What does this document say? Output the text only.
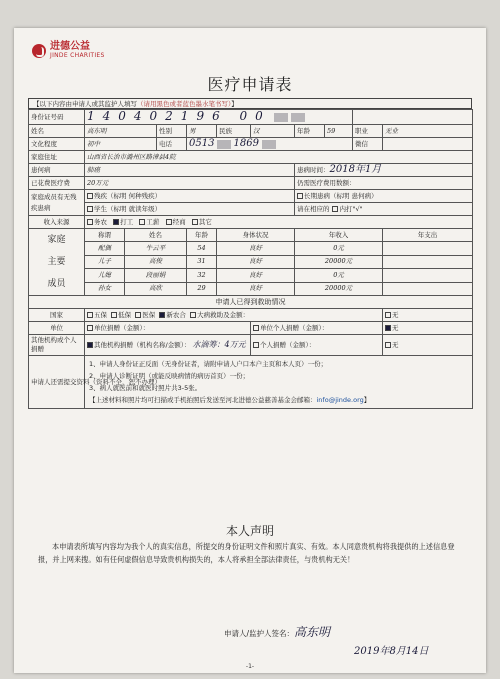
进德公益
JINDE CHARITIES
医疗申请表
【以下内容由申请人或其监护人填写（请用黑色或者蓝色墨水笔书写）】
身份证号码	140402196 00									
姓名	高东明		性别	男	民族	汉	年龄	59	职业	无业
文化程度	初中		电话	0513 1869					微信	
家庭住址	山西省长治市潞州区路漳县4院									
患何病	肺癌						患病时间：2018年1月			
已花费医疗费	20万元						仍需医疗费用数额：			
家庭成员有无残疾患病	残疾（标明 何种残疾）						长期患病（标明 患何病）			
	学生（标明 就读年级）						请在相应的 内打"√"			
收入来源	务农 打工 工薪 经商 其它									

家庭
主要
成员	称谓	姓名		年龄	身体状况		年收入			年支出
	配偶	牛云平		54	良好		0元			
	儿子	高俊		31	良好		20000元			
	儿媳	段丽娟		32	良好		0元			
	孙女	高欣		29	良好		20000元			
申请人已得到救助情况										
国家	五保 低保 医保 新农合 大病救助及金额：									无
单位	单位捐赠（金额）：					单位个人捐赠（金额）：				无
其他机构或个人捐赠	其他机构捐赠（机构名称/金额）： 水滴筹：4万元					个人捐赠（金额）：				无
申请人还需提交资料（资料不全，恕不办理）	1、申请人身份证正反面（无身份证者，请附申请人户口本户主页和本人页）一份；
2、申请人诊断证明（或能反映病情的病历首页）一份；
3、病人就医前和就医时照片共3-5张。
【上述材料和照片均可扫描或手机拍照后发送至河北进德公益慈善基金会邮箱：info@jinde.org】									
本人声明
本申请表所填写内容均为我个人的真实信息，所提交的身份证明文件和照片真实、有效。本人同意贵机构将我提供的上述信息登报，并上网来搜。如有任何虚假信息导致贵机构损失的，本人将承担全部法律责任，与贵机构无关！
申请人/监护人签名：高东明
2019年8月14日
-1-
